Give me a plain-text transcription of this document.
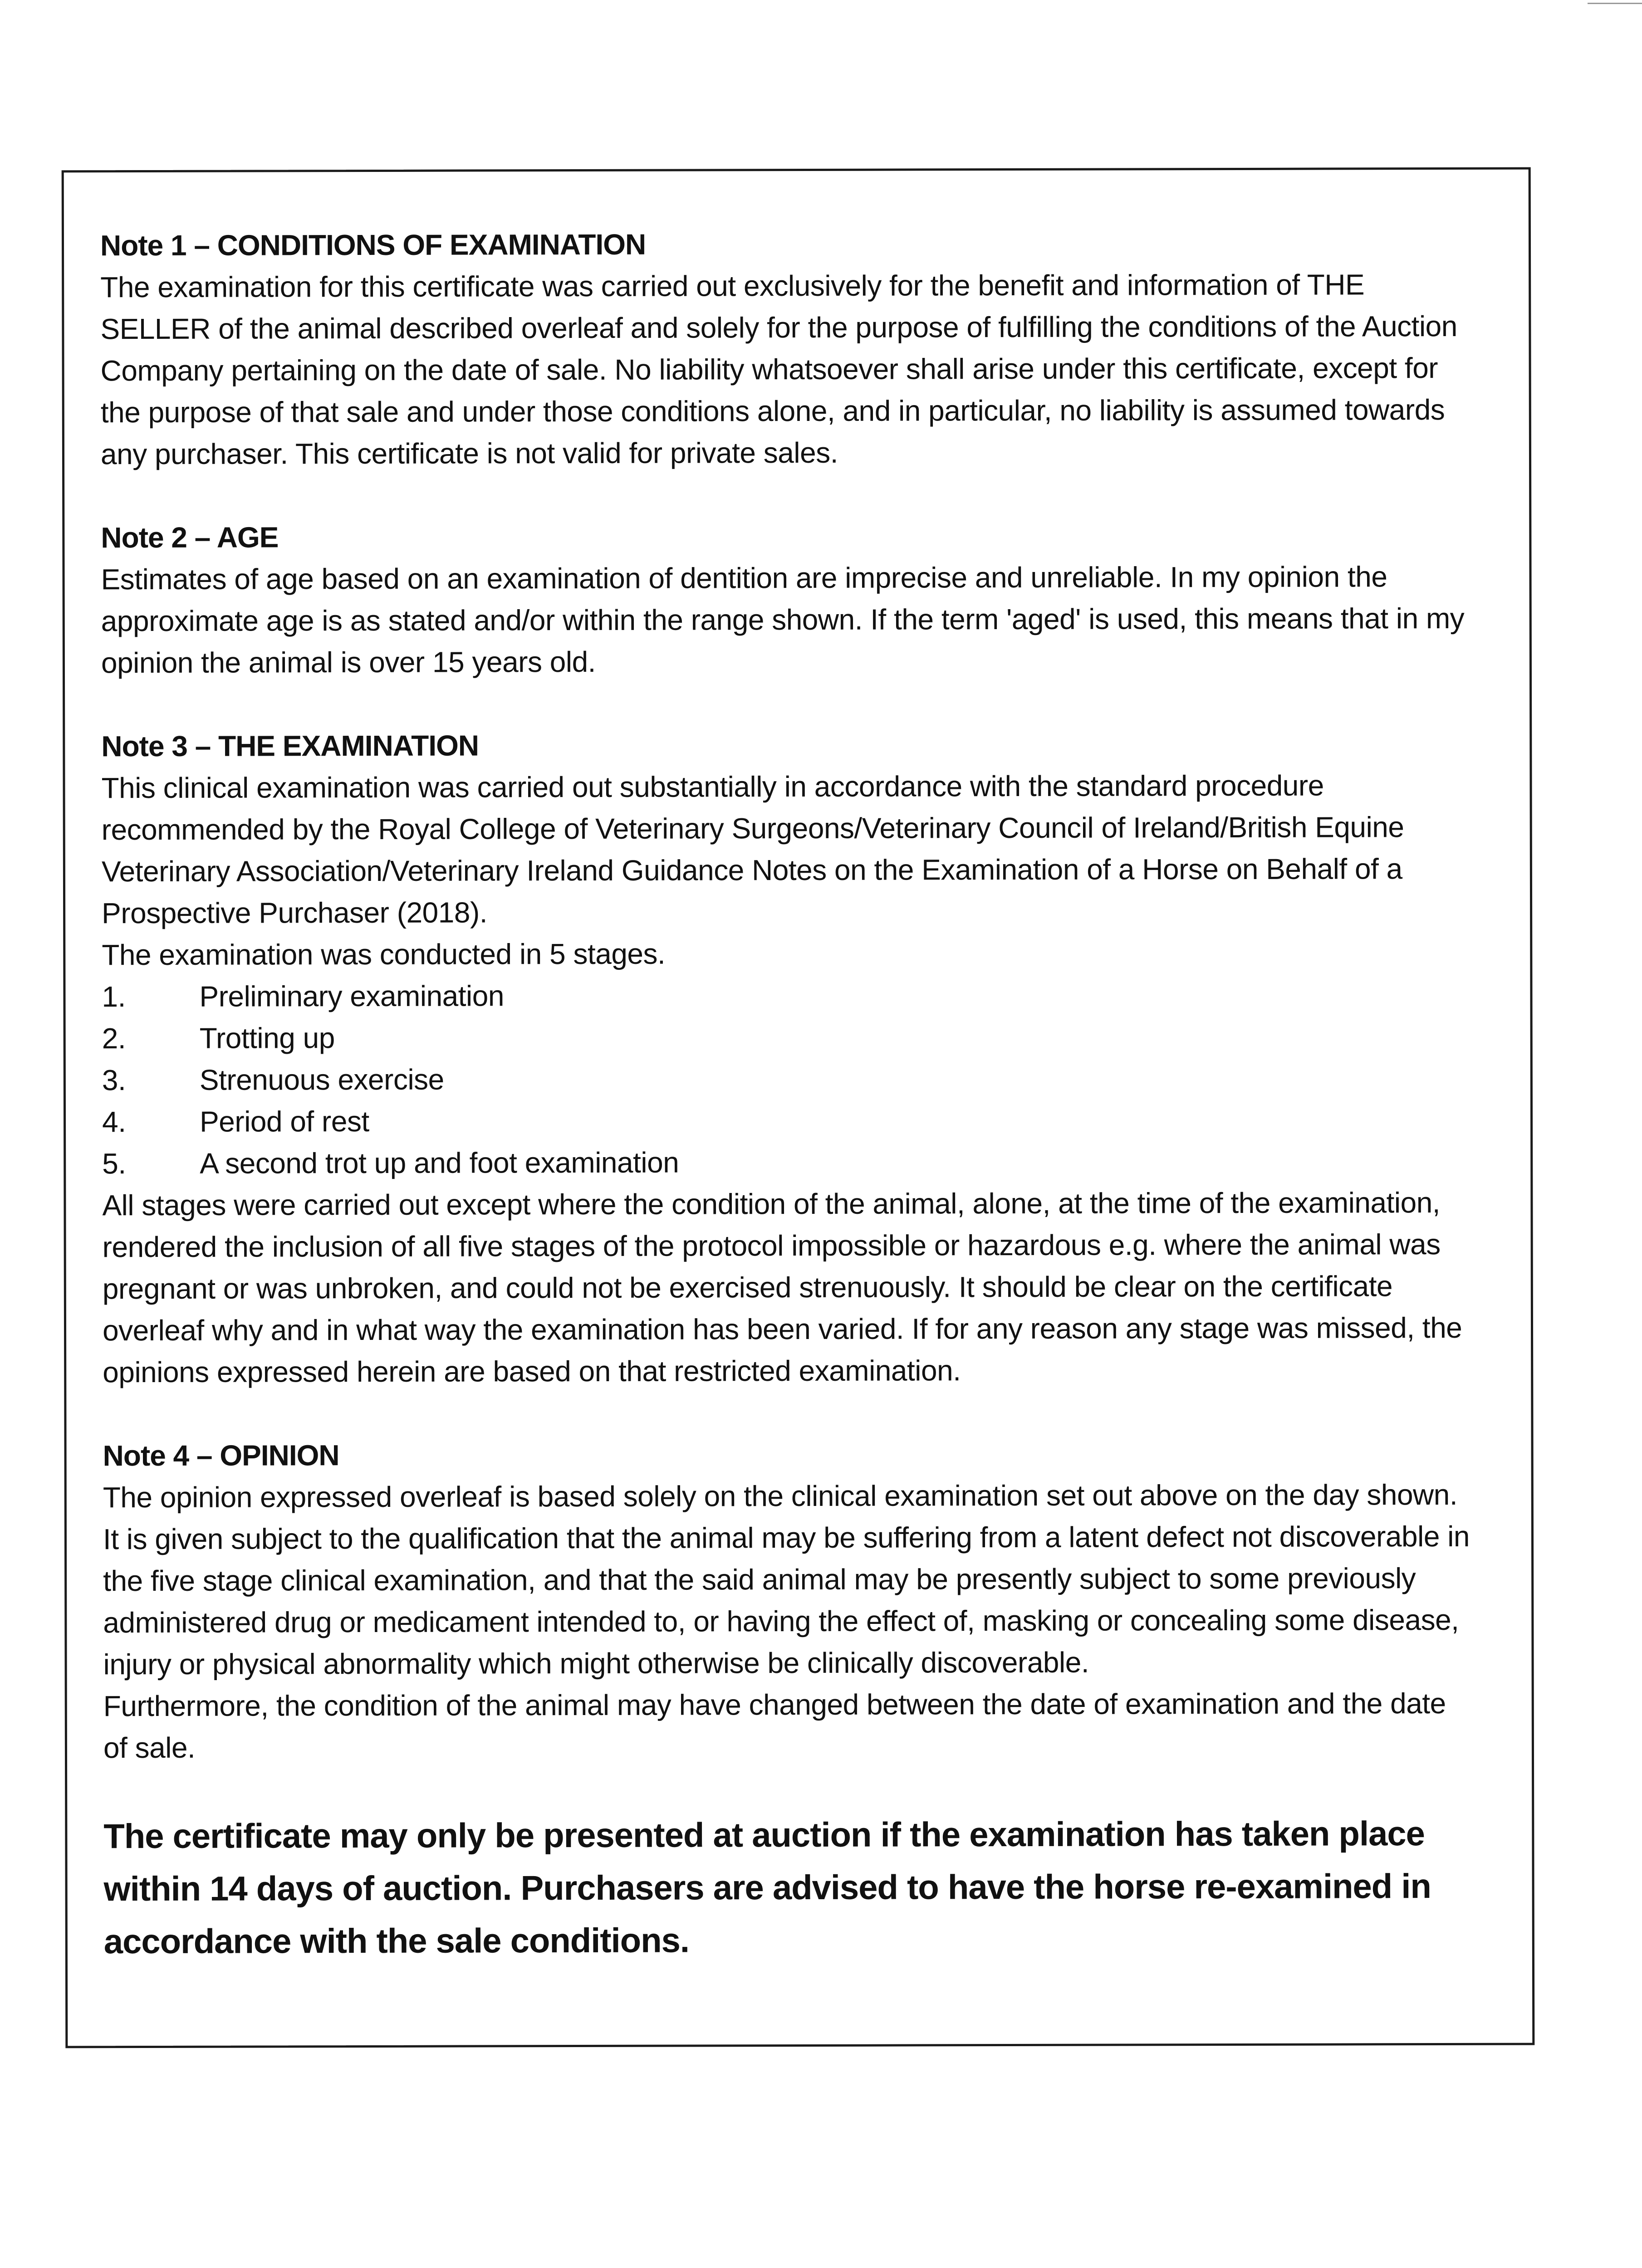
Note 1 – CONDITIONS OF EXAMINATION

The examination for this certificate was carried out exclusively for the benefit and information of THE SELLER of the animal described overleaf and solely for the purpose of fulfilling the conditions of the Auction Company pertaining on the date of sale. No liability whatsoever shall arise under this certificate, except for the purpose of that sale and under those conditions alone, and in particular, no liability is assumed towards any purchaser. This certificate is not valid for private sales.

Note 2 – AGE

Estimates of age based on an examination of dentition are imprecise and unreliable. In my opinion the approximate age is as stated and/or within the range shown. If the term 'aged' is used, this means that in my opinion the animal is over 15 years old.

Note 3 – THE EXAMINATION

This clinical examination was carried out substantially in accordance with the standard procedure recommended by the Royal College of Veterinary Surgeons/Veterinary Council of Ireland/British Equine Veterinary Association/Veterinary Ireland Guidance Notes on the Examination of a Horse on Behalf of a Prospective Purchaser (2018).

The examination was conducted in 5 stages.

1.	Preliminary examination
2.	Trotting up
3.	Strenuous exercise
4.	Period of rest
5.	A second trot up and foot examination

All stages were carried out except where the condition of the animal, alone, at the time of the examination, rendered the inclusion of all five stages of the protocol impossible or hazardous e.g. where the animal was pregnant or was unbroken, and could not be exercised strenuously. It should be clear on the certificate overleaf why and in what way the examination has been varied. If for any reason any stage was missed, the opinions expressed herein are based on that restricted examination.

Note 4 – OPINION

The opinion expressed overleaf is based solely on the clinical examination set out above on the day shown. It is given subject to the qualification that the animal may be suffering from a latent defect not discoverable in the five stage clinical examination, and that the said animal may be presently subject to some previously administered drug or medicament intended to, or having the effect of, masking or concealing some disease, injury or physical abnormality which might otherwise be clinically discoverable.

Furthermore, the condition of the animal may have changed between the date of examination and the date of sale.

The certificate may only be presented at auction if the examination has taken place within 14 days of auction. Purchasers are advised to have the horse re-examined in accordance with the sale conditions.
